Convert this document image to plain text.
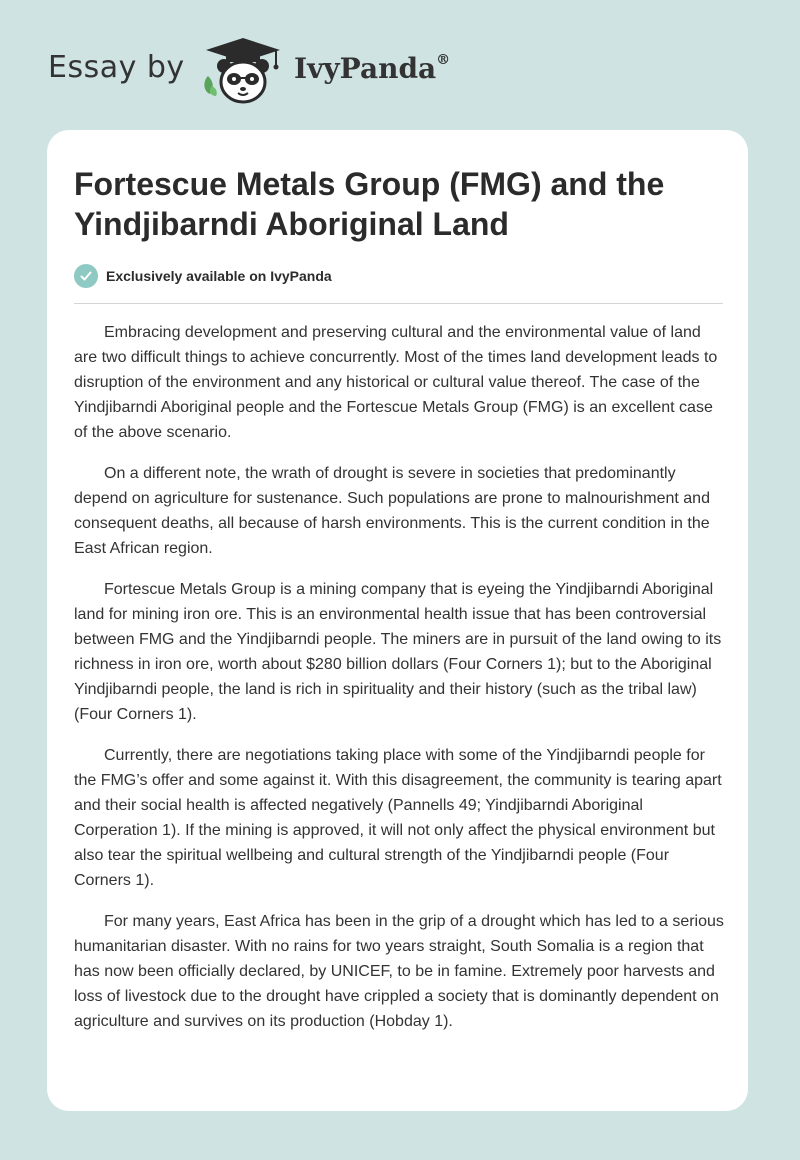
Essay by	IvyPanda®
Fortescue Metals Group (FMG) and the Yindjibarndi Aboriginal Land
Exclusively available on IvyPanda

Embracing development and preserving cultural and the environmental value of land are two difficult things to achieve concurrently. Most of the times land development leads to disruption of the environment and any historical or cultural value thereof. The case of the Yindjibarndi Aboriginal people and the Fortescue Metals Group (FMG) is an excellent case of the above scenario.

On a different note, the wrath of drought is severe in societies that predominantly depend on agriculture for sustenance. Such populations are prone to malnourishment and consequent deaths, all because of harsh environments. This is the current condition in the East African region.

Fortescue Metals Group is a mining company that is eyeing the Yindjibarndi Aboriginal land for mining iron ore. This is an environmental health issue that has been controversial between FMG and the Yindjibarndi people. The miners are in pursuit of the land owing to its richness in iron ore, worth about $280 billion dollars (Four Corners 1); but to the Aboriginal Yindjibarndi people, the land is rich in spirituality and their history (such as the tribal law) (Four Corners 1).

Currently, there are negotiations taking place with some of the Yindjibarndi people for the FMG’s offer and some against it. With this disagreement, the community is tearing apart and their social health is affected negatively (Pannells 49; Yindjibarndi Aboriginal Corperation 1). If the mining is approved, it will not only affect the physical environment but also tear the spiritual wellbeing and cultural strength of the Yindjibarndi people (Four Corners 1).

For many years, East Africa has been in the grip of a drought which has led to a serious humanitarian disaster. With no rains for two years straight, South Somalia is a region that has now been officially declared, by UNICEF, to be in famine. Extremely poor harvests and loss of livestock due to the drought have crippled a society that is dominantly dependent on agriculture and survives on its production (Hobday 1).
